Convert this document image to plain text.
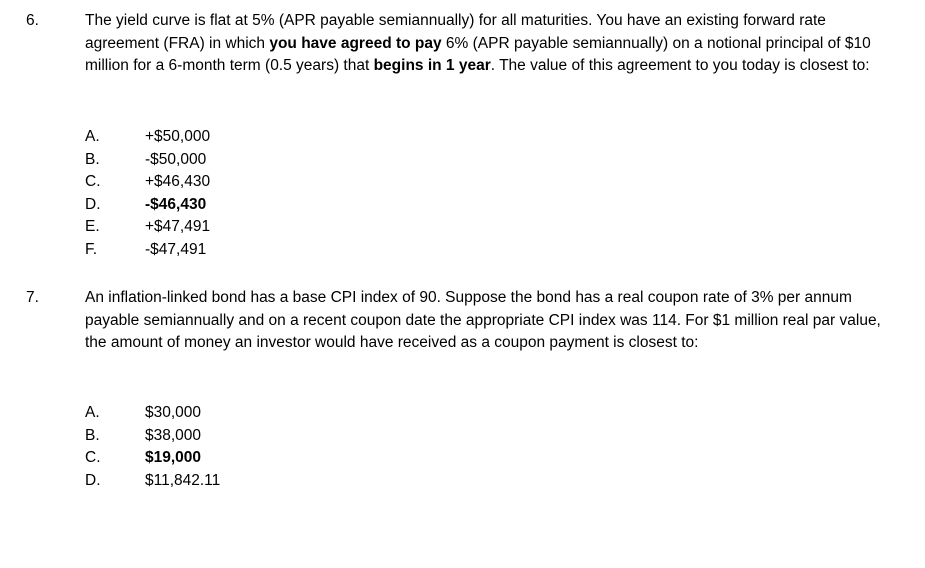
6.	The yield curve is flat at 5% (APR payable semiannually) for all maturities. You have an existing forward rate agreement (FRA) in which you have agreed to pay 6% (APR payable semiannually) on a notional principal of $10 million for a 6-month term (0.5 years) that begins in 1 year. The value of this agreement to you today is closest to:
A.	+$50,000
B.	-$50,000
C.	+$46,430
D.	-$46,430
E.	+$47,491
F.	-$47,491
7.	An inflation-linked bond has a base CPI index of 90. Suppose the bond has a real coupon rate of 3% per annum payable semiannually and on a recent coupon date the appropriate CPI index was 114. For $1 million real par value, the amount of money an investor would have received as a coupon payment is closest to:
A.	$30,000
B.	$38,000
C.	$19,000
D.	$11,842.11
